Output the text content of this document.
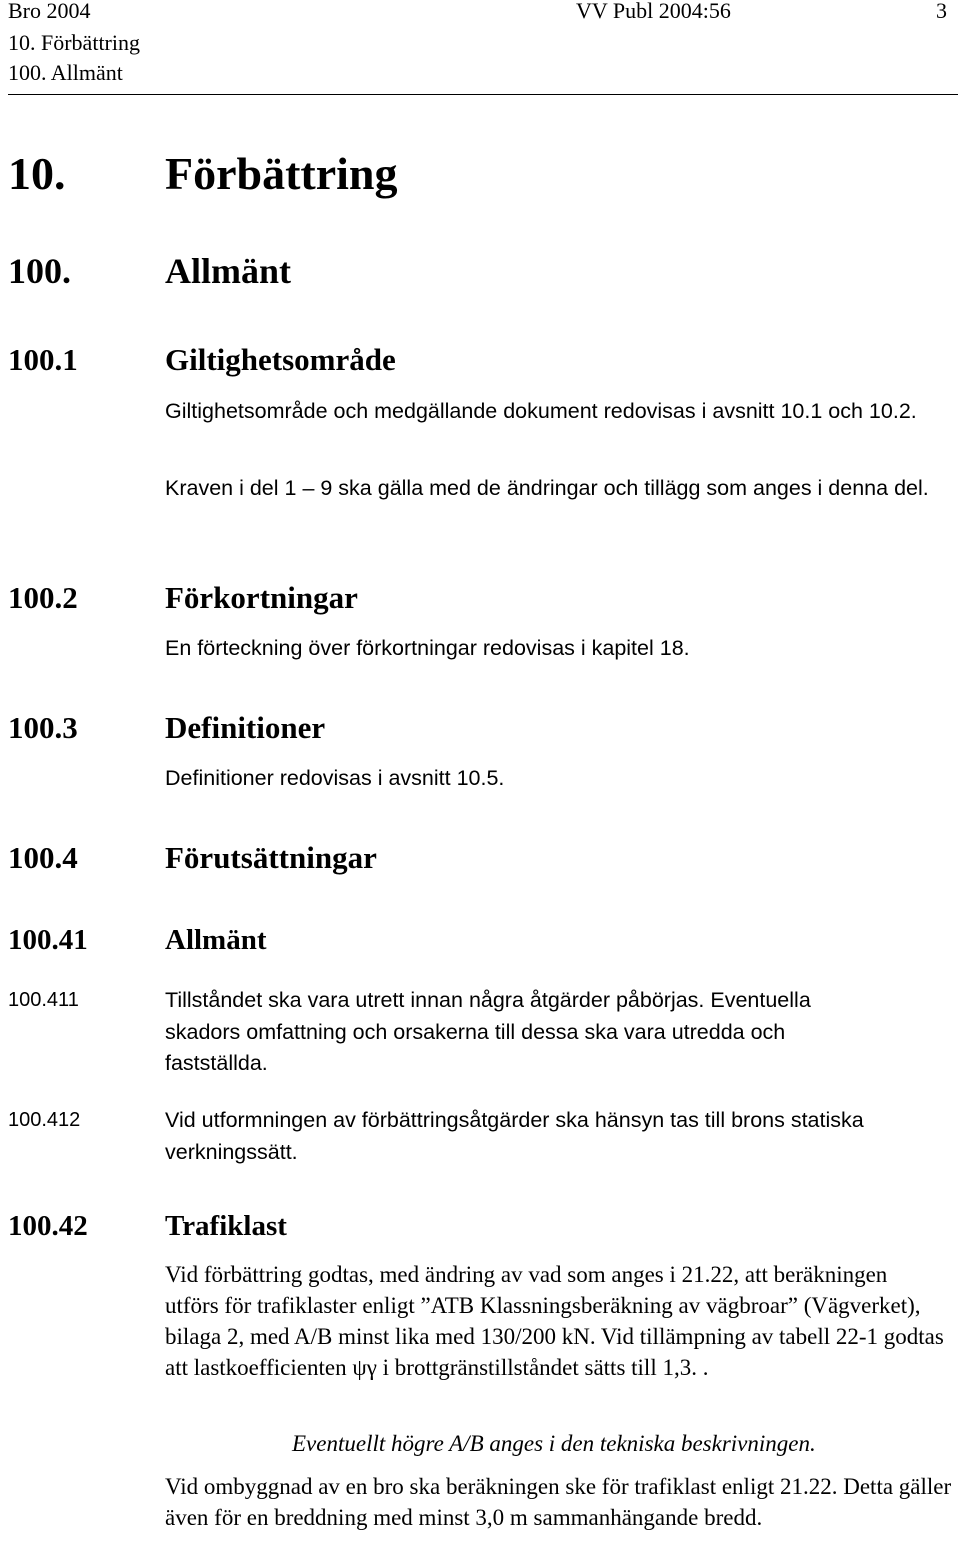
Bro 2004
10. Förbättring
100. Allmänt
VV Publ 2004:56	3
10. Förbättring
100.	Allmänt
100.1	Giltighetsområde
Giltighetsområde och medgällande dokument redovisas i avsnitt 10.1 och 10.2.
Kraven i del 1 – 9 ska gälla med de ändringar och tillägg som anges i denna del.
100.2	Förkortningar
En förteckning över förkortningar redovisas i kapitel 18.
100.3	Definitioner
Definitioner redovisas i avsnitt 10.5.
100.4	Förutsättningar
100.41	Allmänt
100.411	Tillståndet ska vara utrett innan några åtgärder påbörjas. Eventuella skadors omfattning och orsakerna till dessa ska vara utredda och fastställda.
100.412	Vid utformningen av förbättringsåtgärder ska hänsyn tas till brons statiska verkningssätt.
100.42	Trafiklast
Vid förbättring godtas, med ändring av vad som anges i 21.22, att beräkningen utförs för trafiklaster enligt ”ATB Klassningsberäkning av vägbroar” (Vägverket), bilaga 2, med A/B minst lika med 130/200 kN. Vid tillämpning av tabell 22-1 godtas att lastkoefficienten ψγ i brottgränstillståndet sätts till 1,3. .
Eventuellt högre A/B anges i den tekniska beskrivningen.
Vid ombyggnad av en bro ska beräkningen ske för trafiklast enligt 21.22. Detta gäller även för en breddning med minst 3,0 m sammanhängande bredd.
